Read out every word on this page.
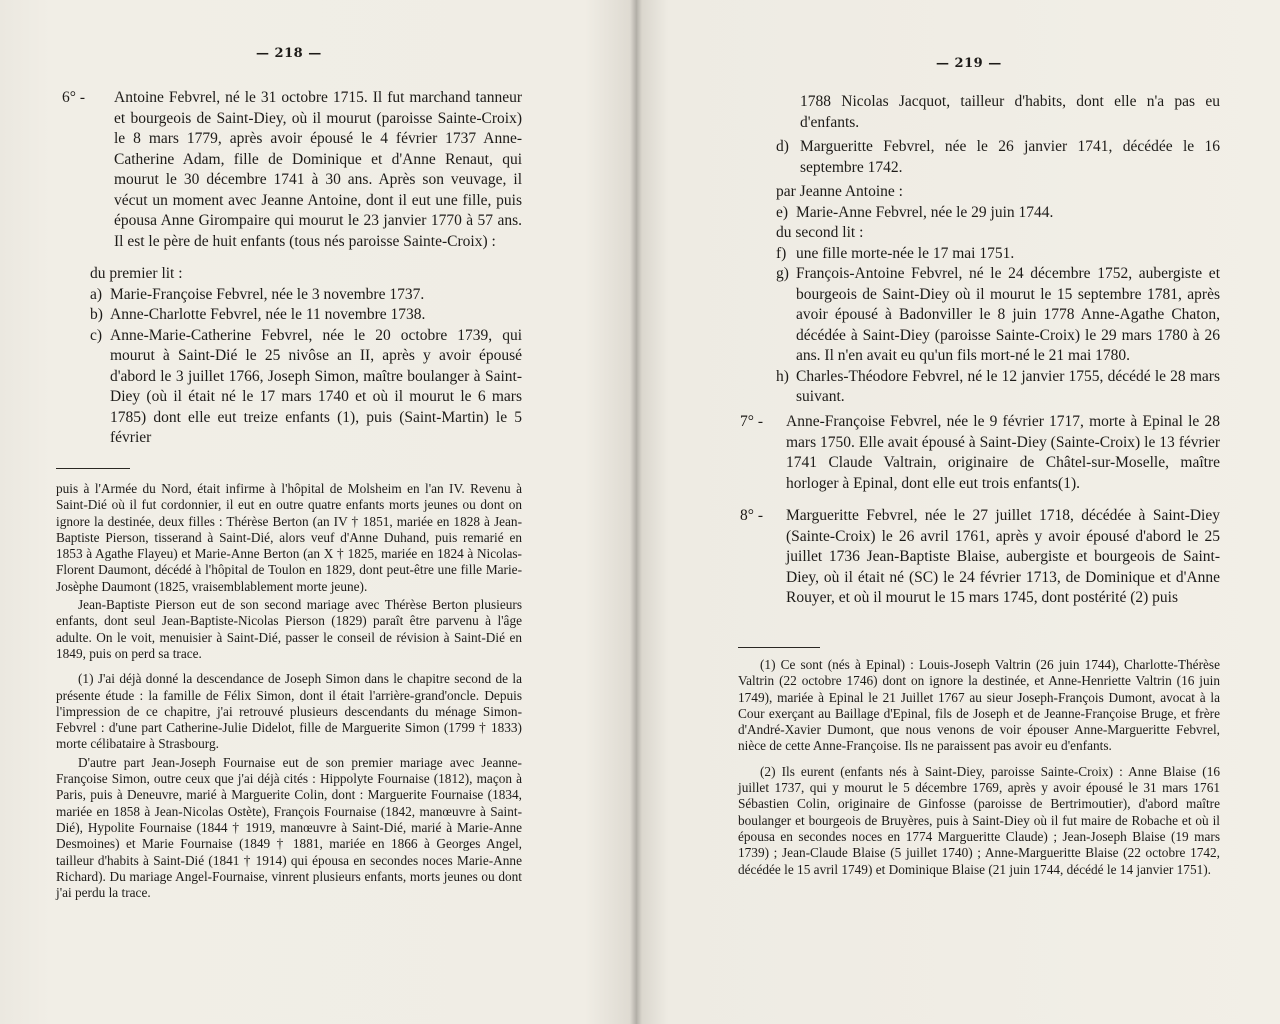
— 218 —
6° -	Antoine Febvrel, né le 31 octobre 1715. Il fut marchand tanneur et bourgeois de Saint-Diey, où il mourut (paroisse Sainte-Croix) le 8 mars 1779, après avoir épousé le 4 février 1737 Anne-Catherine Adam, fille de Dominique et d'Anne Renaut, qui mourut le 30 décembre 1741 à 30 ans. Après son veuvage, il vécut un moment avec Jeanne Antoine, dont il eut une fille, puis épousa Anne Girompaire qui mourut le 23 janvier 1770 à 57 ans. Il est le père de huit enfants (tous nés paroisse Sainte-Croix) :

du premier lit :

a) Marie-Françoise Febvrel, née le 3 novembre 1737.

b) Anne-Charlotte Febvrel, née le 11 novembre 1738.

c) Anne-Marie-Catherine Febvrel, née le 20 octobre 1739, qui mourut à Saint-Dié le 25 nivôse an II, après y avoir épousé d'abord le 3 juillet 1766, Joseph Simon, maître boulanger à Saint-Diey (où il était né le 17 mars 1740 et où il mourut le 6 mars 1785) dont elle eut treize enfants (1), puis (Saint-Martin) le 5 février

puis à l'Armée du Nord, était infirme à l'hôpital de Molsheim en l'an IV. Revenu à Saint-Dié où il fut cordonnier, il eut en outre quatre enfants morts jeunes ou dont on ignore la destinée, deux filles : Thérèse Berton (an IV † 1851, mariée en 1828 à Jean-Baptiste Pierson, tisserand à Saint-Dié, alors veuf d'Anne Duhand, puis remarié en 1853 à Agathe Flayeu) et Marie-Anne Berton (an X † 1825, mariée en 1824 à Nicolas-Florent Daumont, décédé à l'hôpital de Toulon en 1829, dont peut-être une fille Marie-Josèphe Daumont (1825, vraisemblablement morte jeune).

Jean-Baptiste Pierson eut de son second mariage avec Thérèse Berton plusieurs enfants, dont seul Jean-Baptiste-Nicolas Pierson (1829) paraît être parvenu à l'âge adulte. On le voit, menuisier à Saint-Dié, passer le conseil de révision à Saint-Dié en 1849, puis on perd sa trace.

(1) J'ai déjà donné la descendance de Joseph Simon dans le chapitre second de la présente étude : la famille de Félix Simon, dont il était l'arrière-grand'oncle. Depuis l'impression de ce chapitre, j'ai retrouvé plusieurs descendants du ménage Simon-Febvrel : d'une part Catherine-Julie Didelot, fille de Marguerite Simon (1799 † 1833) morte célibataire à Strasbourg.

D'autre part Jean-Joseph Fournaise eut de son premier mariage avec Jeanne-Françoise Simon, outre ceux que j'ai déjà cités : Hippolyte Fournaise (1812), maçon à Paris, puis à Deneuvre, marié à Marguerite Colin, dont : Marguerite Fournaise (1834, mariée en 1858 à Jean-Nicolas Ostète), François Fournaise (1842, manœuvre à Saint-Dié), Hypolite Fournaise (1844 † 1919, manœuvre à Saint-Dié, marié à Marie-Anne Desmoines) et Marie Fournaise (1849 † 1881, mariée en 1866 à Georges Angel, tailleur d'habits à Saint-Dié (1841 † 1914) qui épousa en secondes noces Marie-Anne Richard). Du mariage Angel-Fournaise, vinrent plusieurs enfants, morts jeunes ou dont j'ai perdu la trace.

— 219 —

1788 Nicolas Jacquot, tailleur d'habits, dont elle n'a pas eu d'enfants.

d) Margueritte Febvrel, née le 26 janvier 1741, décédée le 16 septembre 1742.

par Jeanne Antoine :

e) Marie-Anne Febvrel, née le 29 juin 1744.

du second lit :

f) une fille morte-née le 17 mai 1751.

g) François-Antoine Febvrel, né le 24 décembre 1752, aubergiste et bourgeois de Saint-Diey où il mourut le 15 septembre 1781, après avoir épousé à Badonviller le 8 juin 1778 Anne-Agathe Chaton, décédée à Saint-Diey (paroisse Sainte-Croix) le 29 mars 1780 à 26 ans. Il n'en avait eu qu'un fils mort-né le 21 mai 1780.

h) Charles-Théodore Febvrel, né le 12 janvier 1755, décédé le 28 mars suivant.

7° -	Anne-Françoise Febvrel, née le 9 février 1717, morte à Epinal le 28 mars 1750. Elle avait épousé à Saint-Diey (Sainte-Croix) le 13 février 1741 Claude Valtrain, originaire de Châtel-sur-Moselle, maître horloger à Epinal, dont elle eut trois enfants(1).

8° -	Margueritte Febvrel, née le 27 juillet 1718, décédée à Saint-Diey (Sainte-Croix) le 26 avril 1761, après y avoir épousé d'abord le 25 juillet 1736 Jean-Baptiste Blaise, aubergiste et bourgeois de Saint-Diey, où il était né (SC) le 24 février 1713, de Dominique et d'Anne Rouyer, et où il mourut le 15 mars 1745, dont postérité (2) puis

(1) Ce sont (nés à Epinal) : Louis-Joseph Valtrin (26 juin 1744), Charlotte-Thérèse Valtrin (22 octobre 1746) dont on ignore la destinée, et Anne-Henriette Valtrin (16 juin 1749), mariée à Epinal le 21 Juillet 1767 au sieur Joseph-François Dumont, avocat à la Cour exerçant au Baillage d'Epinal, fils de Joseph et de Jeanne-Françoise Bruge, et frère d'André-Xavier Dumont, que nous venons de voir épouser Anne-Margueritte Febvrel, nièce de cette Anne-Françoise. Ils ne paraissent pas avoir eu d'enfants.

(2) Ils eurent (enfants nés à Saint-Diey, paroisse Sainte-Croix) : Anne Blaise (16 juillet 1737, qui y mourut le 5 décembre 1769, après y avoir épousé le 31 mars 1761 Sébastien Colin, originaire de Ginfosse (paroisse de Bertrimoutier), d'abord maître boulanger et bourgeois de Bruyères, puis à Saint-Diey où il fut maire de Robache et où il épousa en secondes noces en 1774 Margueritte Claude) ; Jean-Joseph Blaise (19 mars 1739) ; Jean-Claude Blaise (5 juillet 1740) ; Anne-Margueritte Blaise (22 octobre 1742, décédée le 15 avril 1749) et Dominique Blaise (21 juin 1744, décédé le 14 janvier 1751).
